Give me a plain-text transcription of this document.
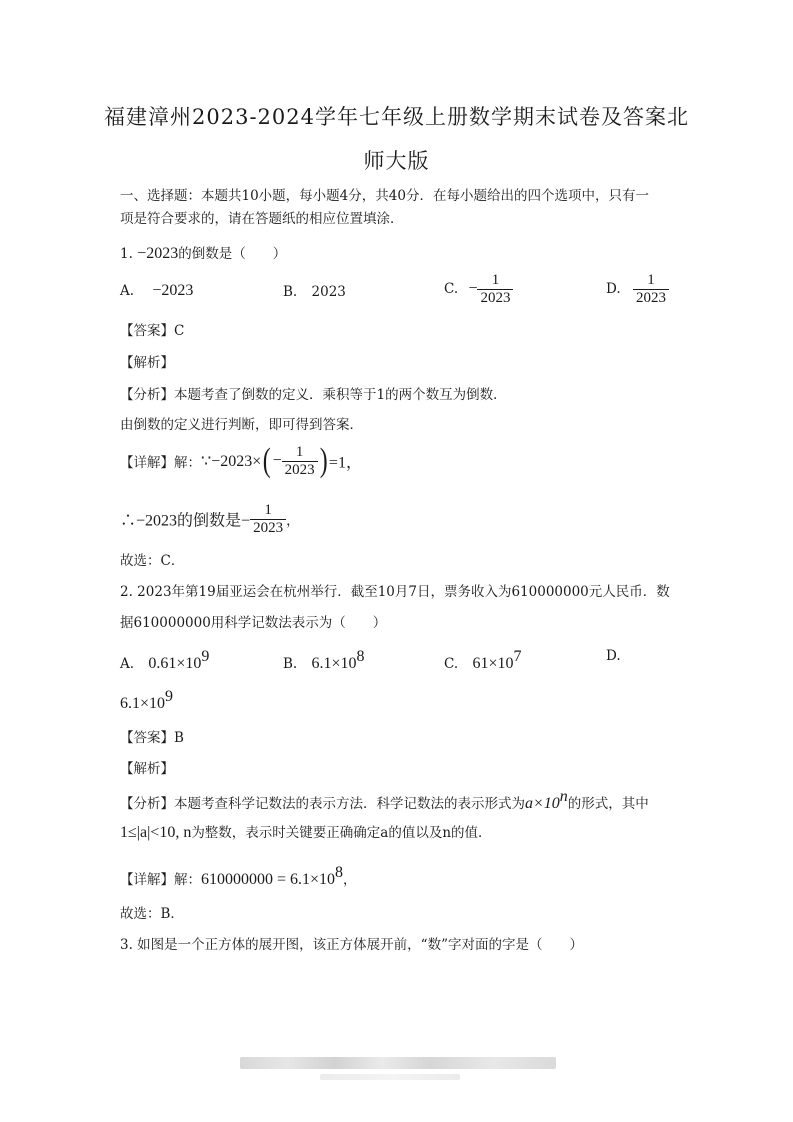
福建漳州2023-2024学年七年级上册数学期末试卷及答案北
师大版
一、选择题：本题共10小题，每小题4分，共40分．在每小题给出的四个选项中，只有一
项是符合要求的，请在答题纸的相应位置填涂．
1. −2023的倒数是（　　）
A. −2023	B. 2023	C. − $\frac{1}{2023}$	D. $\frac{1}{2023}$
【答案】C
【解析】
【分析】本题考查了倒数的定义．乘积等于1的两个数互为倒数．
由倒数的定义进行判断，即可得到答案．
【详解】解：∵−2023×( − $\frac{1}{2023}$ ) =1，
∴−2023的倒数是− $\frac{1}{2023}$ ，
故选：C．
2. 2023年第19届亚运会在杭州举行．截至10月7日，票务收入为610000000元人民币．数
据610000000用科学记数法表示为（　　）
A. $0.61\times 10^9$	B. $6.1\times 10^8$	C. $61\times 10^7$	D.
$6.1\times 10^9$
【答案】B
【解析】
【分析】本题考查科学记数法的表示方法．科学记数法的表示形式为$a\times 10^n$的形式，其中
1≤|a|<10, n为整数，表示时关键要正确确定a的值以及n的值．
【详解】解：$610000000 = 6.1\times 10^8$，
故选：B．
3. 如图是一个正方体的展开图，该正方体展开前，“数”字对面的字是（　　）
